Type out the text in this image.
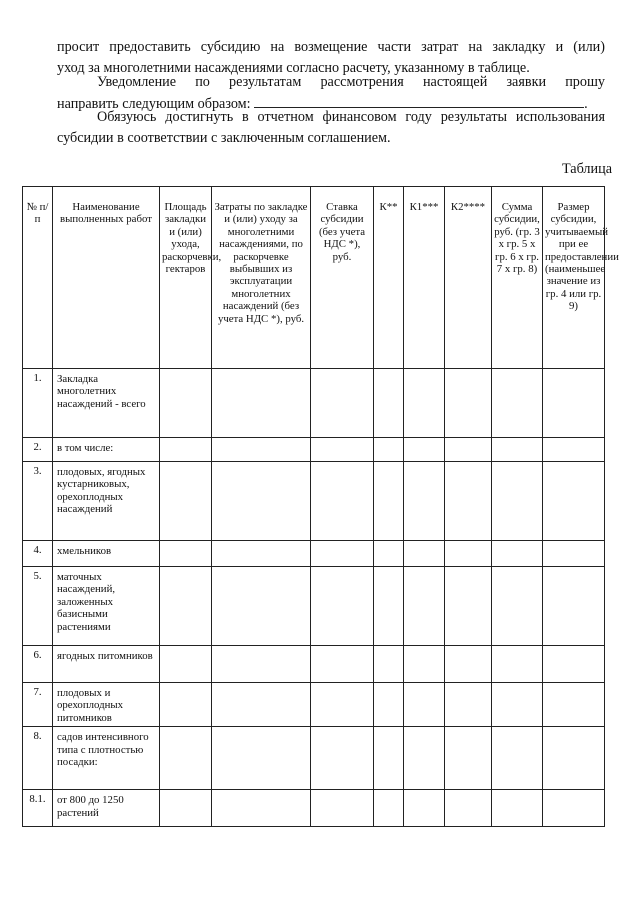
просит предоставить субсидию на возмещение части затрат на закладку и (или)
уход за многолетними насаждениями согласно расчету, указанному в таблице.
Уведомление по результатам рассмотрения настоящей заявки прошу
направить следующим образом:	.
Обязуюсь достигнуть в отчетном финансовом году результаты использования
субсидии в соответствии с заключенным соглашением.
Таблица
№ п/п	Наименование выполненных работ	Площадь закладки и (или) ухода, раскорчевки, гектаров	Затраты по закладке и (или) уходу за многолетними насаждениями, по раскорчевке выбывших из эксплуатации многолетних насаждений (без учета НДС *), руб.	Ставка субсидии (без учета НДС *), руб.	К**	К1***	К2****	Сумма субсидии, руб. (гр. 3 х гр. 5 х гр. 6 х гр. 7 х гр. 8)	Размер субсидии, учитываемый при ее предоставлении (наименьшее значение из гр. 4 или гр. 9)
1.	Закладка многолетних насаждений - всего								
2.	в том числе:								
3.	плодовых, ягодных кустарниковых, орехоплодных насаждений								
4.	хмельников								
5.	маточных насаждений, заложенных базисными растениями								
6.	ягодных питомников								
7.	плодовых и орехоплодных питомников								
8.	садов интенсивного типа с плотностью посадки:								
8.1.	от 800 до 1250 растений								
